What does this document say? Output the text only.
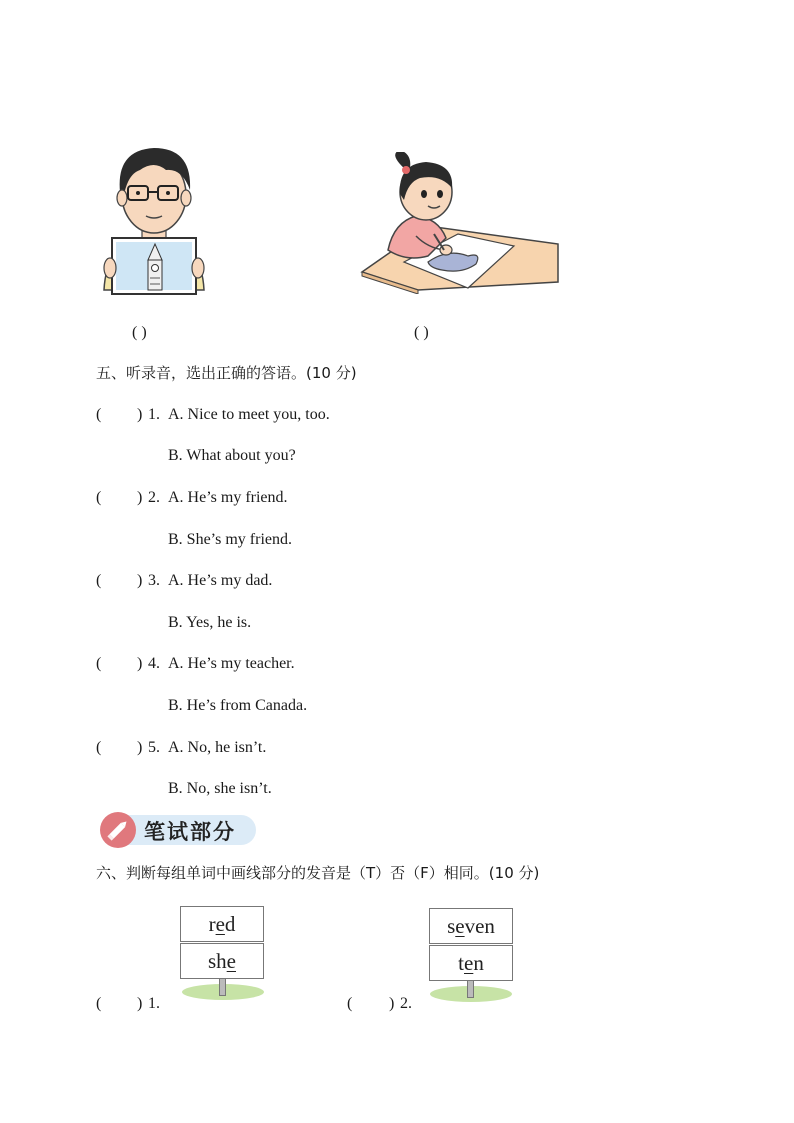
( )	( )
五、听录音，选出正确的答语。(10 分)
( ) 1. A. Nice to meet you, too.
B. What about you?
( ) 2. A. He’s my friend.
B. She’s my friend.
( ) 3. A. He’s my dad.
B. Yes, he is.
( ) 4. A. He’s my teacher.
B. He’s from Canada.
( ) 5. A. No, he isn’t.
B. No, she isn’t.
笔试部分
六、判断每组单词中画线部分的发音是（T）否（F）相同。(10 分)
( ) 1.
red
she
( ) 2.
seven
ten
